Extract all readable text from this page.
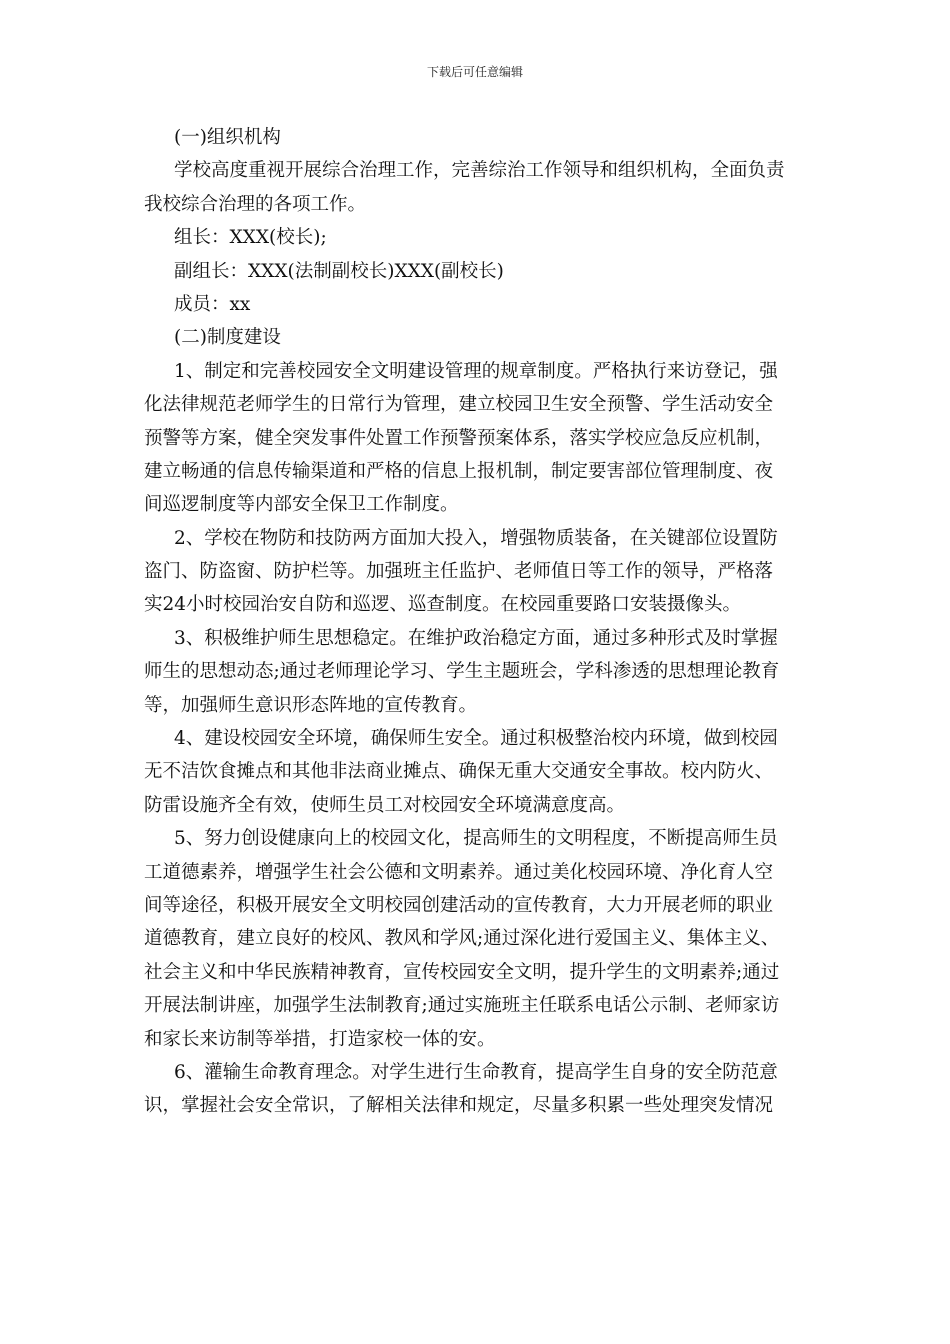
下载后可任意编辑

(一)组织机构

学校高度重视开展综合治理工作，完善综治工作领导和组织机构，全面负责

我校综合治理的各项工作。

组长：XXX(校长);

副组长：XXX(法制副校长)XXX(副校长)

成员：xx

(二)制度建设

1、制定和完善校园安全文明建设管理的规章制度。严格执行来访登记，强

化法律规范老师学生的日常行为管理，建立校园卫生安全预警、学生活动安全

预警等方案，健全突发事件处置工作预警预案体系，落实学校应急反应机制，

建立畅通的信息传输渠道和严格的信息上报机制，制定要害部位管理制度、夜

间巡逻制度等内部安全保卫工作制度。

2、学校在物防和技防两方面加大投入，增强物质装备，在关键部位设置防

盗门、防盗窗、防护栏等。加强班主任监护、老师值日等工作的领导，严格落

实24小时校园治安自防和巡逻、巡查制度。在校园重要路口安装摄像头。

3、积极维护师生思想稳定。在维护政治稳定方面，通过多种形式及时掌握

师生的思想动态;通过老师理论学习、学生主题班会，学科渗透的思想理论教育

等，加强师生意识形态阵地的宣传教育。

4、建设校园安全环境，确保师生安全。通过积极整治校内环境，做到校园

无不洁饮食摊点和其他非法商业摊点、确保无重大交通安全事故。校内防火、

防雷设施齐全有效，使师生员工对校园安全环境满意度高。

5、努力创设健康向上的校园文化，提高师生的文明程度，不断提高师生员

工道德素养，增强学生社会公德和文明素养。通过美化校园环境、净化育人空

间等途径，积极开展安全文明校园创建活动的宣传教育，大力开展老师的职业

道德教育，建立良好的校风、教风和学风;通过深化进行爱国主义、集体主义、

社会主义和中华民族精神教育，宣传校园安全文明，提升学生的文明素养;通过

开展法制讲座，加强学生法制教育;通过实施班主任联系电话公示制、老师家访

和家长来访制等举措，打造家校一体的安。

6、灌输生命教育理念。对学生进行生命教育，提高学生自身的安全防范意

识，掌握社会安全常识，了解相关法律和规定，尽量多积累一些处理突发情况
